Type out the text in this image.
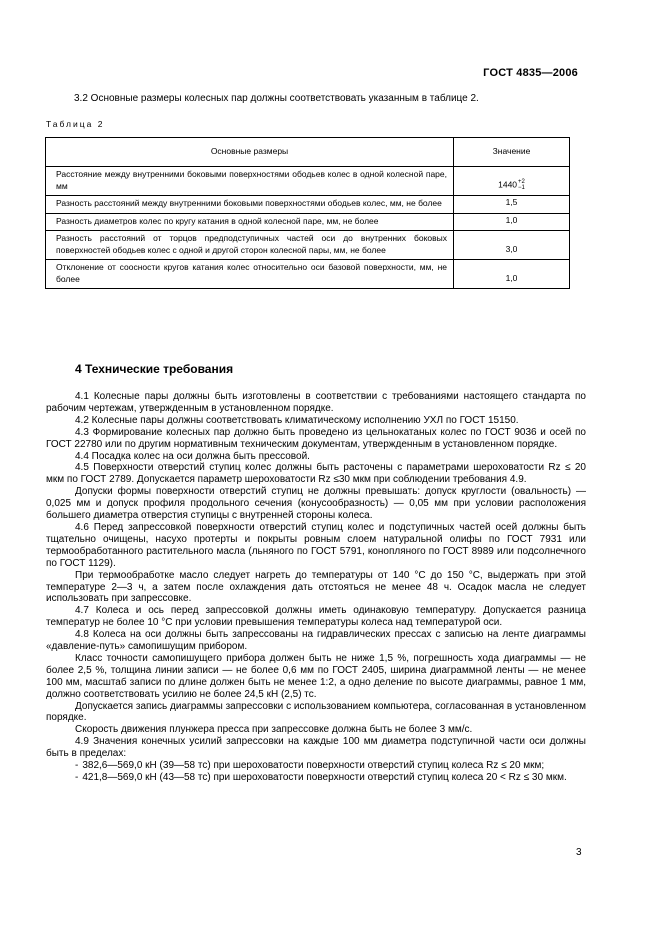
ГОСТ 4835—2006
3.2 Основные размеры колесных пар должны соответствовать указанным в таблице 2.
Таблица 2
Основные размеры	Значение
Расстояние между внутренними боковыми поверхностями ободьев колес в одной колесной паре, мм	1440+2
−1
Разность расстояний между внутренними боковыми поверхностями ободьев колес, мм, не более	1,5
Разность диаметров колес по кругу катания в одной колесной паре, мм, не более	1,0
Разность расстояний от торцов предподступичных частей оси до внутренних боковых поверхностей ободьев колес с одной и другой сторон колесной пары, мм, не более	3,0
Отклонение от соосности кругов катания колес относительно оси базовой поверхности, мм, не более	1,0
4 Технические требования

4.1 Колесные пары должны быть изготовлены в соответствии с требованиями настоящего стандарта по рабочим чертежам, утвержденным в установленном порядке.

4.2 Колесные пары должны соответствовать климатическому исполнению УХЛ по ГОСТ 15150.

4.3 Формирование колесных пар должно быть проведено из цельнокатаных колес по ГОСТ 9036 и осей по ГОСТ 22780 или по другим нормативным техническим документам, утвержденным в установленном порядке.

4.4 Посадка колес на оси должна быть прессовой.

4.5 Поверхности отверстий ступиц колес должны быть расточены с параметрами шероховатости Rz ≤ 20 мкм по ГОСТ 2789. Допускается параметр шероховатости Rz ≤30 мкм при соблюдении требования 4.9.

Допуски формы поверхности отверстий ступиц не должны превышать: допуск круглости (овальность) — 0,025 мм и допуск профиля продольного сечения (конусообразность) — 0,05 мм при условии расположения большего диаметра отверстия ступицы с внутренней стороны колеса.

4.6 Перед запрессовкой поверхности отверстий ступиц колес и подступичных частей осей должны быть тщательно очищены, насухо протерты и покрыты ровным слоем натуральной олифы по ГОСТ 7931 или термообработанного растительного масла (льняного по ГОСТ 5791, конопляного по ГОСТ 8989 или подсолнечного по ГОСТ 1129).

При термообработке масло следует нагреть до температуры от 140 °С до 150 °С, выдержать при этой температуре 2—3 ч, а затем после охлаждения дать отстояться не менее 48 ч. Осадок масла не следует использовать при запрессовке.

4.7 Колеса и ось перед запрессовкой должны иметь одинаковую температуру. Допускается разница температур не более 10 °С при условии превышения температуры колеса над температурой оси.

4.8 Колеса на оси должны быть запрессованы на гидравлических прессах с записью на ленте диаграммы «давление-путь» самопишущим прибором.

Класс точности самопишущего прибора должен быть не ниже 1,5 %, погрешность хода диаграммы — не более 2,5 %, толщина линии записи — не более 0,6 мм по ГОСТ 2405, ширина диаграммной ленты — не менее 100 мм, масштаб записи по длине должен быть не менее 1:2, а одно деление по высоте диаграммы, равное 1 мм, должно соответствовать усилию не более 24,5 кН (2,5) тс.

Допускается запись диаграммы запрессовки с использованием компьютера, согласованная в установленном порядке.

Скорость движения плунжера пресса при запрессовке должна быть не более 3 мм/с.

4.9 Значения конечных усилий запрессовки на каждые 100 мм диаметра подступичной части оси должны быть в пределах:

- 382,6—569,0 кН (39—58 тс) при шероховатости поверхности отверстий ступиц колеса Rz ≤ 20 мкм;

- 421,8—569,0 кН (43—58 тс) при шероховатости поверхности отверстий ступиц колеса 20 < Rz ≤ 30 мкм.

3
